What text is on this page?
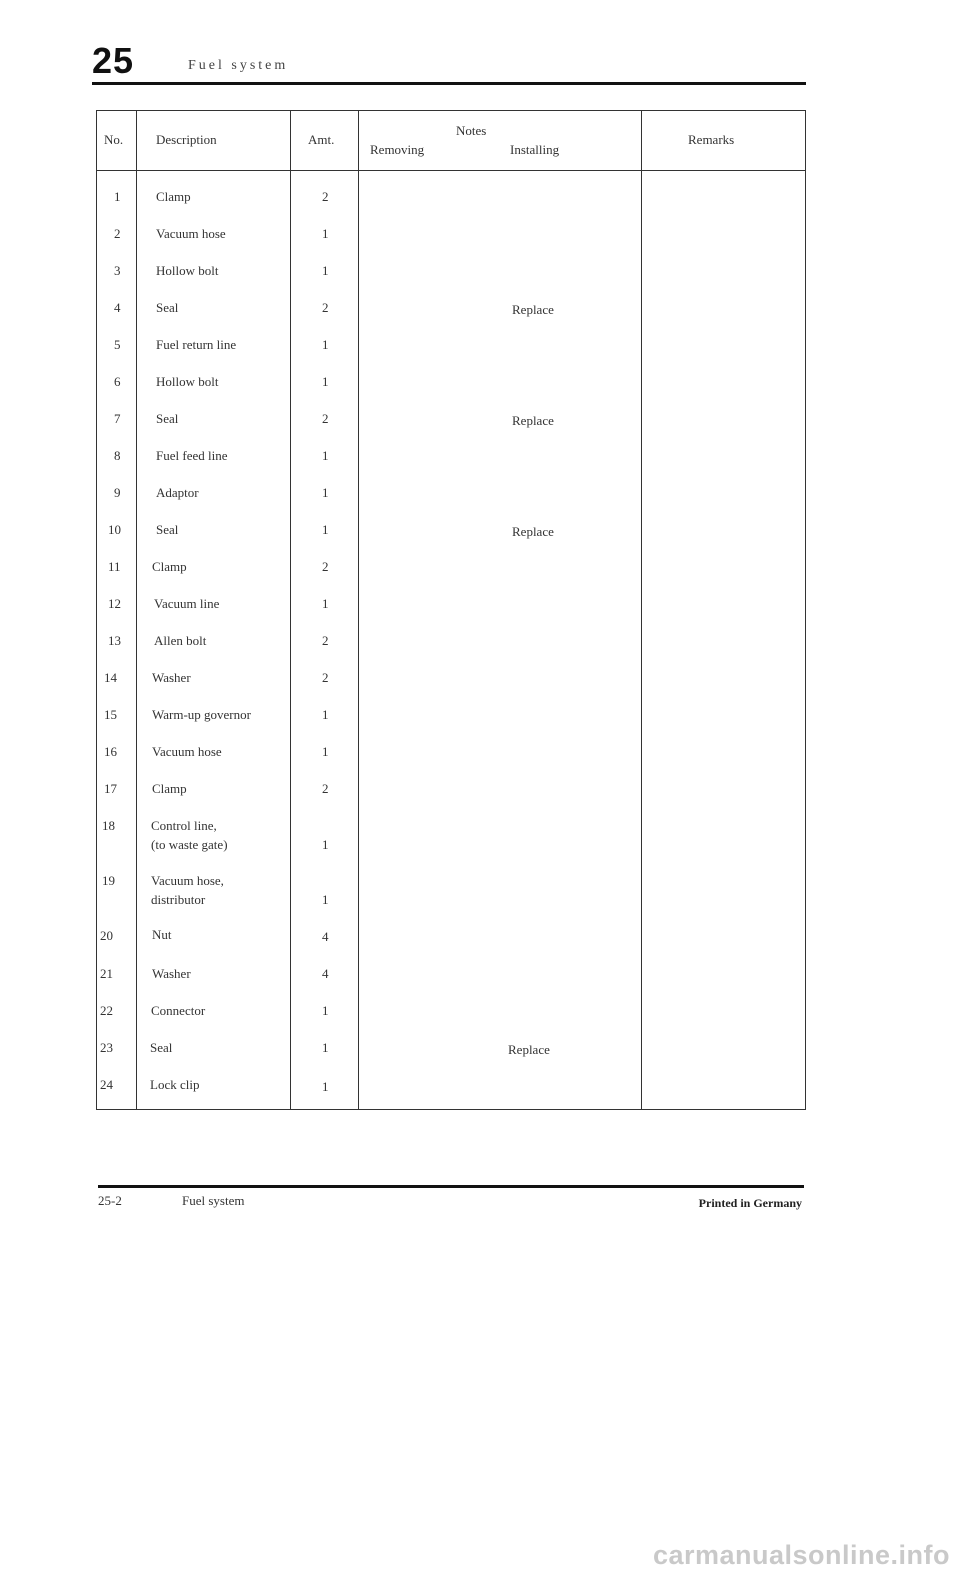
25	Fuel system
No.	Description	Amt.
Notes
Removing	Installing
Remarks
1	Clamp	2
2	Vacuum hose	1
3	Hollow bolt	1
4	Seal	2	Replace
5	Fuel return line	1
6	Hollow bolt	1
7	Seal	2	Replace
8	Fuel feed line	1
9	Adaptor	1
10	Seal	1	Replace
11 Clamp	2
12	Vacuum line	1
13	Allen bolt	2
14	Washer	2
15	Warm-up governor	1
16	Vacuum hose	1
17	Clamp	2
18	Control line,
(to waste gate)	1
19	Vacuum hose,
distributor	1
20	Nut	4
21	Washer	4
22	Connector	1
23	Seal	1	Replace
24	Lock clip	1
25-2	Fuel system	Printed in Germany
carmanualsonline.info
